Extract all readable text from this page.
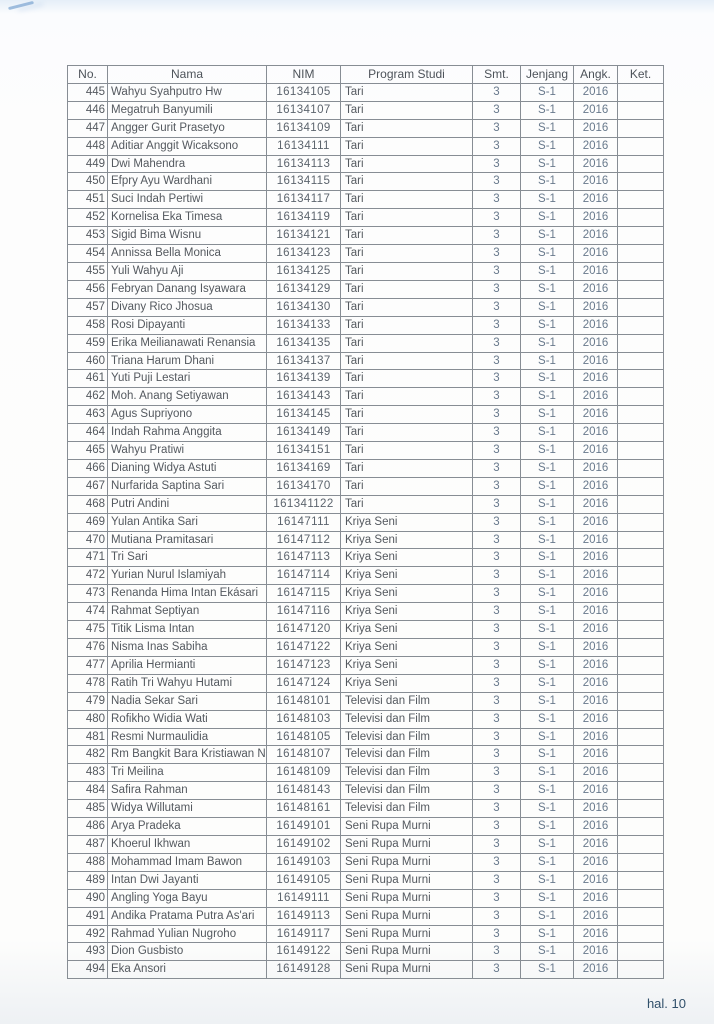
No.	Nama	NIM	Program Studi	Smt.	Jenjang	Angk.	Ket.
445	Wahyu Syahputro Hw	16134105	Tari	3	S-1	2016	
446	Megatruh Banyumili	16134107	Tari	3	S-1	2016	
447	Angger Gurit Prasetyo	16134109	Tari	3	S-1	2016	
448	Aditiar Anggit Wicaksono	16134111	Tari	3	S-1	2016	
449	Dwi Mahendra	16134113	Tari	3	S-1	2016	
450	Efpry Ayu Wardhani	16134115	Tari	3	S-1	2016	
451	Suci Indah Pertiwi	16134117	Tari	3	S-1	2016	
452	Kornelisa Eka Timesa	16134119	Tari	3	S-1	2016	
453	Sigid Bima Wisnu	16134121	Tari	3	S-1	2016	
454	Annissa Bella Monica	16134123	Tari	3	S-1	2016	
455	Yuli Wahyu Aji	16134125	Tari	3	S-1	2016	
456	Febryan Danang Isyawara	16134129	Tari	3	S-1	2016	
457	Divany Rico Jhosua	16134130	Tari	3	S-1	2016	
458	Rosi Dipayanti	16134133	Tari	3	S-1	2016	
459	Erika Meilianawati Renansia	16134135	Tari	3	S-1	2016	
460	Triana Harum Dhani	16134137	Tari	3	S-1	2016	
461	Yuti Puji Lestari	16134139	Tari	3	S-1	2016	
462	Moh. Anang Setiyawan	16134143	Tari	3	S-1	2016	
463	Agus Supriyono	16134145	Tari	3	S-1	2016	
464	Indah Rahma Anggita	16134149	Tari	3	S-1	2016	
465	Wahyu Pratiwi	16134151	Tari	3	S-1	2016	
466	Dianing Widya Astuti	16134169	Tari	3	S-1	2016	
467	Nurfarida Saptina Sari	16134170	Tari	3	S-1	2016	
468	Putri Andini	161341122	Tari	3	S-1	2016	
469	Yulan Antika Sari	16147111	Kriya Seni	3	S-1	2016	
470	Mutiana Pramitasari	16147112	Kriya Seni	3	S-1	2016	
471	Tri Sari	16147113	Kriya Seni	3	S-1	2016	
472	Yurian Nurul Islamiyah	16147114	Kriya Seni	3	S-1	2016	
473	Renanda Hima Intan Ekásari	16147115	Kriya Seni	3	S-1	2016	
474	Rahmat Septiyan	16147116	Kriya Seni	3	S-1	2016	
475	Titik Lisma Intan	16147120	Kriya Seni	3	S-1	2016	
476	Nisma Inas Sabiha	16147122	Kriya Seni	3	S-1	2016	
477	Aprilia Hermianti	16147123	Kriya Seni	3	S-1	2016	
478	Ratih Tri Wahyu Hutami	16147124	Kriya Seni	3	S-1	2016	
479	Nadia Sekar Sari	16148101	Televisi dan Film	3	S-1	2016	
480	Rofikho Widia Wati	16148103	Televisi dan Film	3	S-1	2016	
481	Resmi Nurmaulidia	16148105	Televisi dan Film	3	S-1	2016	
482	Rm Bangkit Bara Kristiawan N	16148107	Televisi dan Film	3	S-1	2016	
483	Tri Meilina	16148109	Televisi dan Film	3	S-1	2016	
484	Safira Rahman	16148143	Televisi dan Film	3	S-1	2016	
485	Widya Willutami	16148161	Televisi dan Film	3	S-1	2016	
486	Arya Pradeka	16149101	Seni Rupa Murni	3	S-1	2016	
487	Khoerul Ikhwan	16149102	Seni Rupa Murni	3	S-1	2016	
488	Mohammad Imam Bawon	16149103	Seni Rupa Murni	3	S-1	2016	
489	Intan Dwi Jayanti	16149105	Seni Rupa Murni	3	S-1	2016	
490	Angling Yoga Bayu	16149111	Seni Rupa Murni	3	S-1	2016	
491	Andika Pratama Putra As'ari	16149113	Seni Rupa Murni	3	S-1	2016	
492	Rahmad Yulian Nugroho	16149117	Seni Rupa Murni	3	S-1	2016	
493	Dion Gusbisto	16149122	Seni Rupa Murni	3	S-1	2016	
494	Eka Ansori	16149128	Seni Rupa Murni	3	S-1	2016	
hal. 10
